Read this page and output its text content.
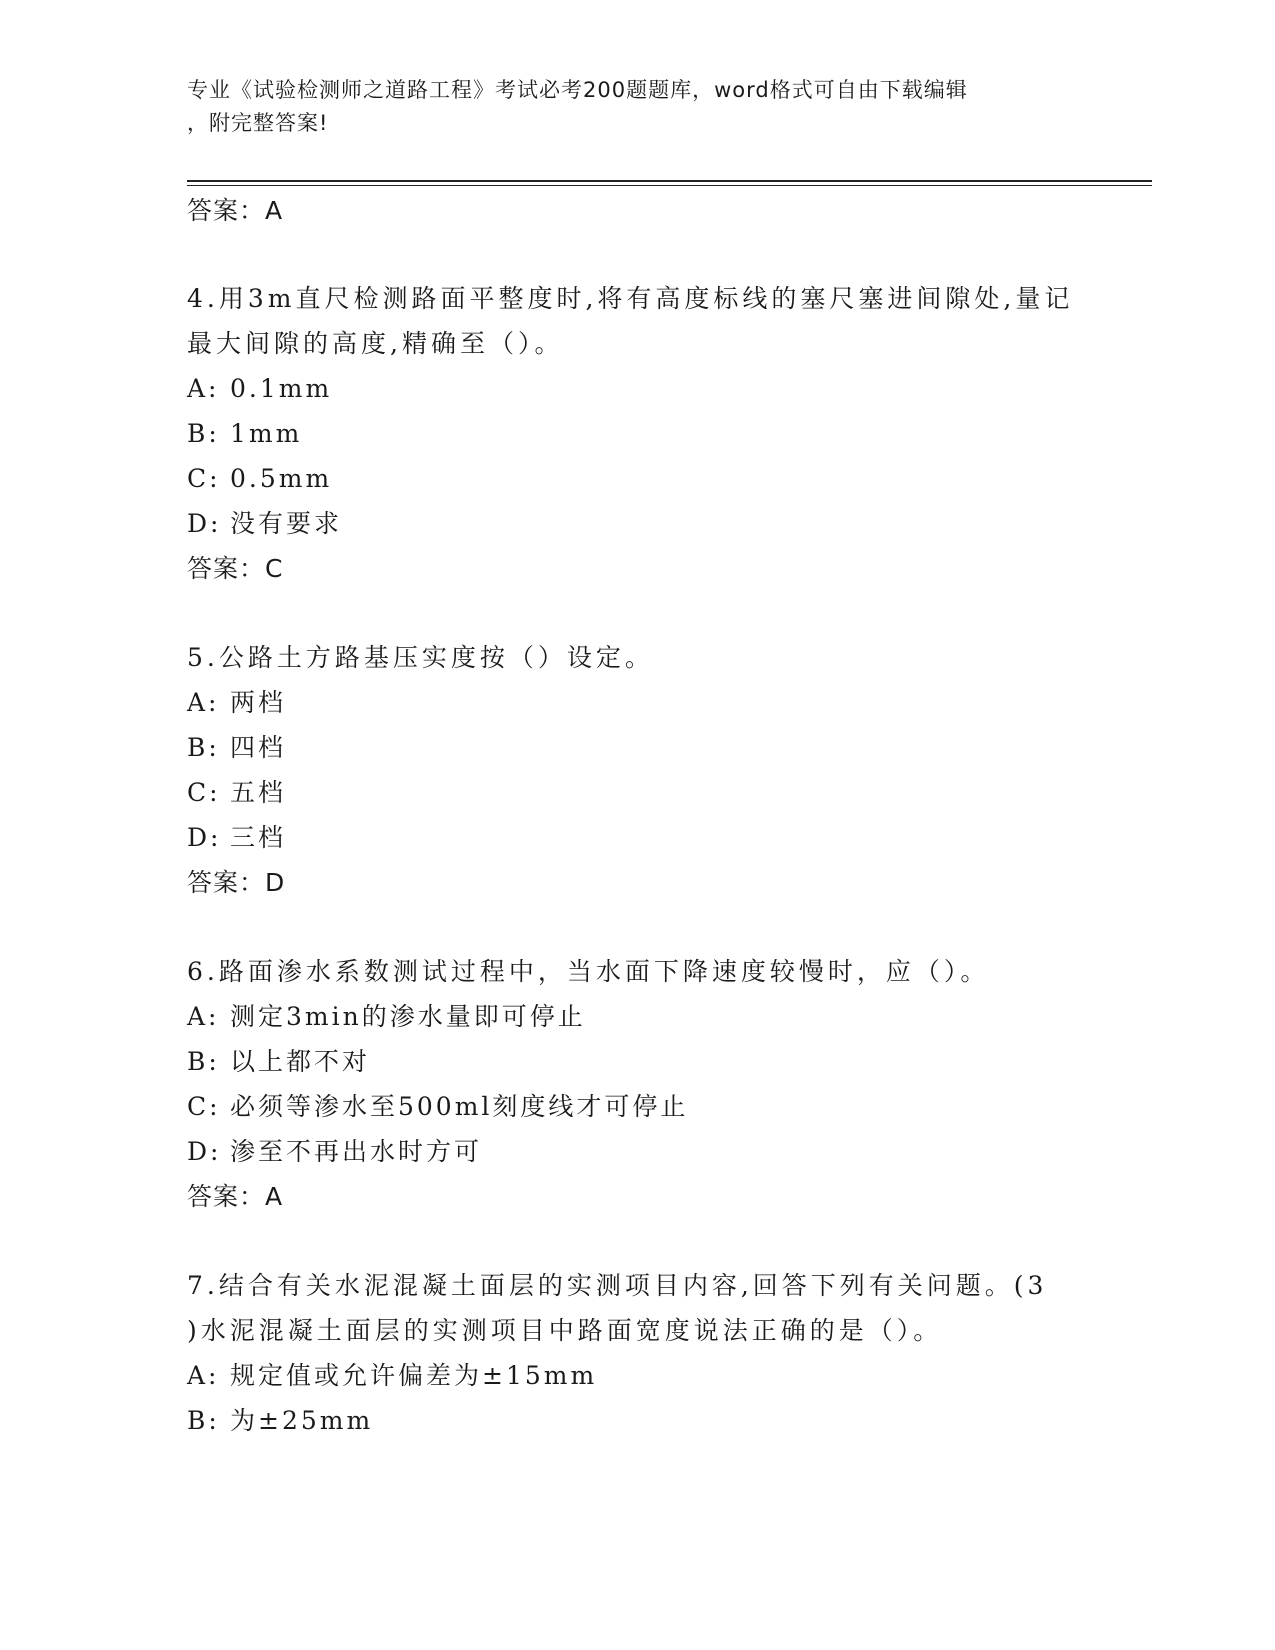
专业《试验检测师之道路工程》考试必考200题题库，word格式可自由下载编辑
，附完整答案!
答案：A
4.用3m直尺检测路面平整度时,将有高度标线的塞尺塞进间隙处,量记
最大间隙的高度,精确至（）。
A: 0.1mm
B: 1mm
C: 0.5mm
D: 没有要求
答案：C
5.公路土方路基压实度按（）设定。
A: 两档
B: 四档
C: 五档
D: 三档
答案：D
6.路面渗水系数测试过程中，当水面下降速度较慢时，应（）。
A: 测定3min的渗水量即可停止
B: 以上都不对
C: 必须等渗水至500ml刻度线才可停止
D: 渗至不再出水时方可
答案：A
7.结合有关水泥混凝土面层的实测项目内容,回答下列有关问题。(3
)水泥混凝土面层的实测项目中路面宽度说法正确的是（）。
A: 规定值或允许偏差为±15mm
B: 为±25mm
